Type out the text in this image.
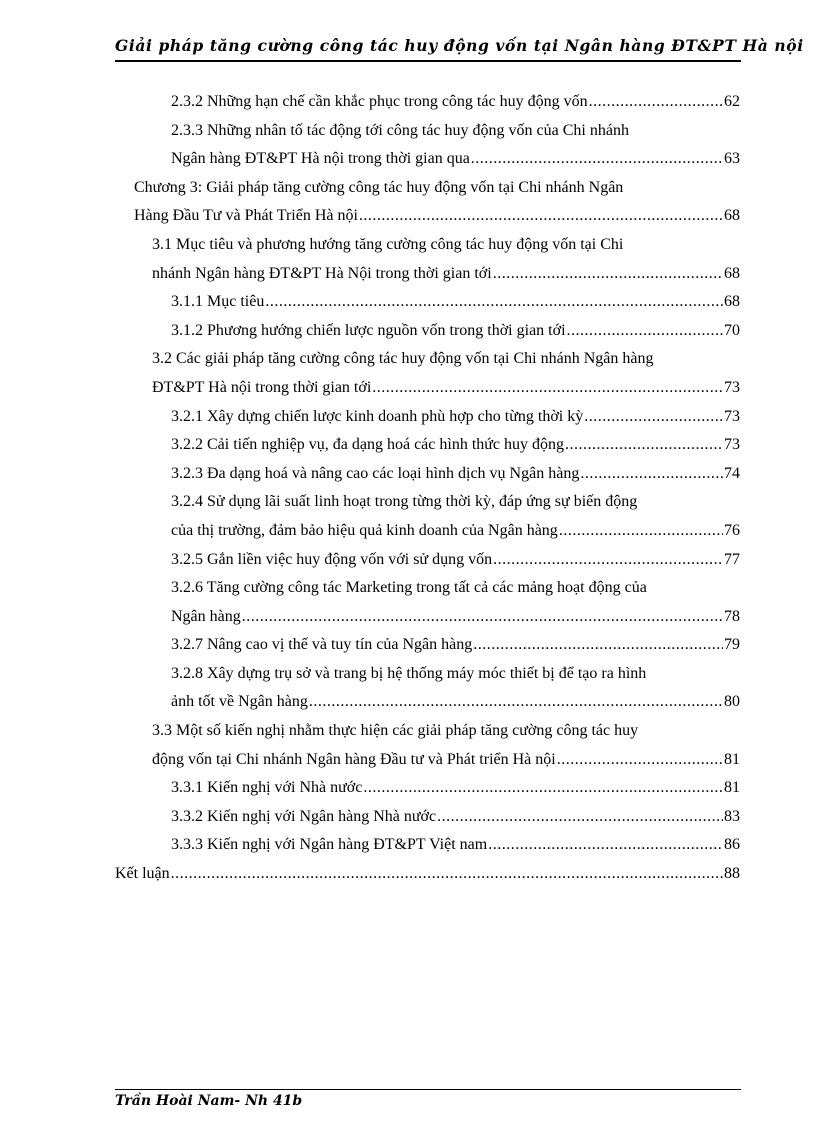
Giải pháp tăng cường công tác huy động vốn tại Ngân hàng ĐT&PT Hà nội
2.3.2 Những hạn chế cần khắc phục trong công tác huy động vốn .....	62
2.3.3 Những nhân tố tác động tới công tác huy động vốn của Chi nhánh
Ngân hàng ĐT&PT Hà nội trong thời gian qua .....	63
Chương 3: Giải pháp tăng cường công tác huy động vốn tại Chi nhánh Ngân
Hàng Đầu Tư và Phát Triển Hà nội .....	68
3.1 Mục tiêu và phương hướng tăng cường công tác huy động vốn tại Chi
nhánh Ngân hàng ĐT&PT Hà Nội trong thời gian tới .....	68
3.1.1 Mục tiêu .....	68
3.1.2 Phương hướng chiến lược nguồn vốn trong thời gian tới .....	70
3.2 Các giải pháp tăng cường công tác huy động vốn tại Chi nhánh Ngân hàng
ĐT&PT Hà nội trong thời gian tới .....	73
3.2.1 Xây dựng chiến lược kinh doanh phù hợp cho từng thời kỳ .....	73
3.2.2 Cải tiến nghiệp vụ, đa dạng hoá các hình thức huy động .....	73
3.2.3 Đa dạng hoá và nâng cao các loại hình dịch vụ Ngân hàng .....	74
3.2.4 Sử dụng lãi suất linh hoạt trong từng thời kỳ, đáp ứng sự biến động
của thị trường, đảm bảo hiệu quả kinh doanh của Ngân hàng .....	76
3.2.5 Gắn liền việc huy động vốn với sử dụng vốn .....	77
3.2.6 Tăng cường công tác Marketing trong tất cả các mảng hoạt động của
Ngân hàng .....	78
3.2.7 Nâng cao vị thế và tuy tín của Ngân hàng .....	79
3.2.8 Xây dựng trụ sở và trang bị hệ thống máy móc thiết bị để tạo ra hình
ảnh tốt về Ngân hàng .....	80
3.3 Một số kiến nghị nhằm thực hiện các giải pháp tăng cường công tác huy
động vốn tại Chi nhánh Ngân hàng Đầu tư và Phát triển Hà nội .....	81
3.3.1 Kiến nghị với Nhà nước .....	81
3.3.2 Kiến nghị với Ngân hàng Nhà nước .....	83
3.3.3 Kiến nghị với Ngân hàng ĐT&PT Việt nam .....	86
Kết luận .....	88
Trần Hoài Nam- Nh 41b
